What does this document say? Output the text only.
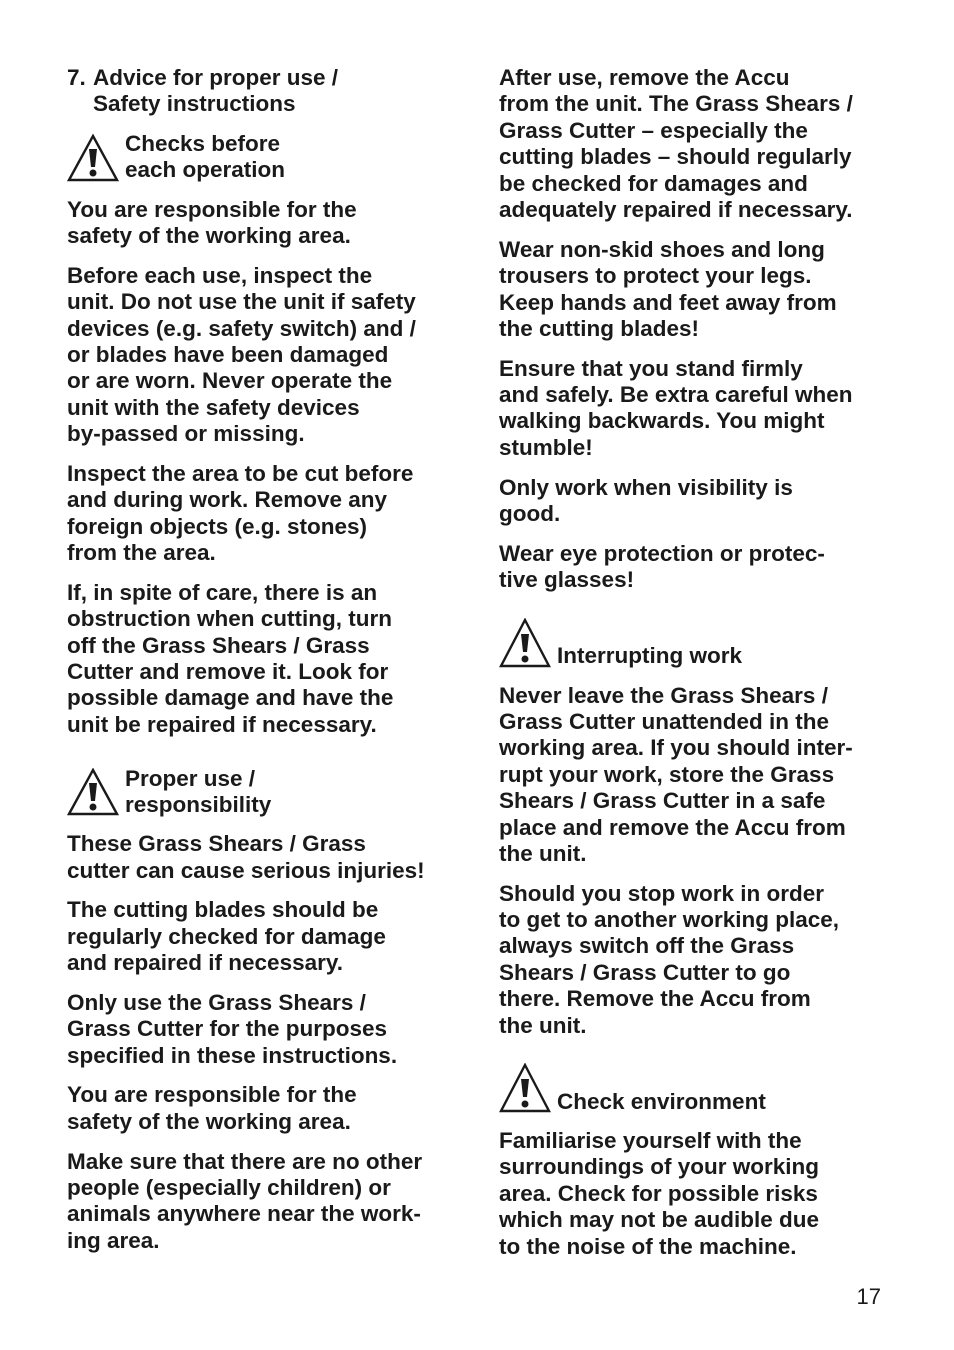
7. Advice for proper use /
Safety instructions
Checks before
each operation

You are responsible for the
safety of the working area.

Before each use, inspect the
unit. Do not use the unit if safety
devices (e.g. safety switch) and /
or blades have been damaged
or are worn. Never operate the
unit with the safety devices
by-passed or missing.

Inspect the area to be cut before
and during work. Remove any
foreign objects (e.g. stones)
from the area.

If, in spite of care, there is an
obstruction when cutting, turn
off the Grass Shears / Grass
Cutter and remove it. Look for
possible damage and have the
unit be repaired if necessary.

Proper use /
responsibility

These Grass Shears / Grass
cutter can cause serious injuries!

The cutting blades should be
regularly checked for damage
and repaired if necessary.

Only use the Grass Shears /
Grass Cutter for the purposes
specified in these instructions.

You are responsible for the
safety of the working area.

Make sure that there are no other
people (especially children) or
animals anywhere near the work-
ing area.

After use, remove the Accu
from the unit. The Grass Shears /
Grass Cutter – especially the
cutting blades – should regularly
be checked for damages and
adequately repaired if necessary.

Wear non-skid shoes and long
trousers to protect your legs.
Keep hands and feet away from
the cutting blades!

Ensure that you stand firmly
and safely. Be extra careful when
walking backwards. You might
stumble!

Only work when visibility is
good.

Wear eye protection or protec-
tive glasses!

Interrupting work

Never leave the Grass Shears /
Grass Cutter unattended in the
working area. If you should inter-
rupt your work, store the Grass
Shears / Grass Cutter in a safe
place and remove the Accu from
the unit.

Should you stop work in order
to get to another working place,
always switch off the Grass
Shears / Grass Cutter to go
there. Remove the Accu from
the unit.

Check environment

Familiarise yourself with the
surroundings of your working
area. Check for possible risks
which may not be audible due
to the noise of the machine.

17
